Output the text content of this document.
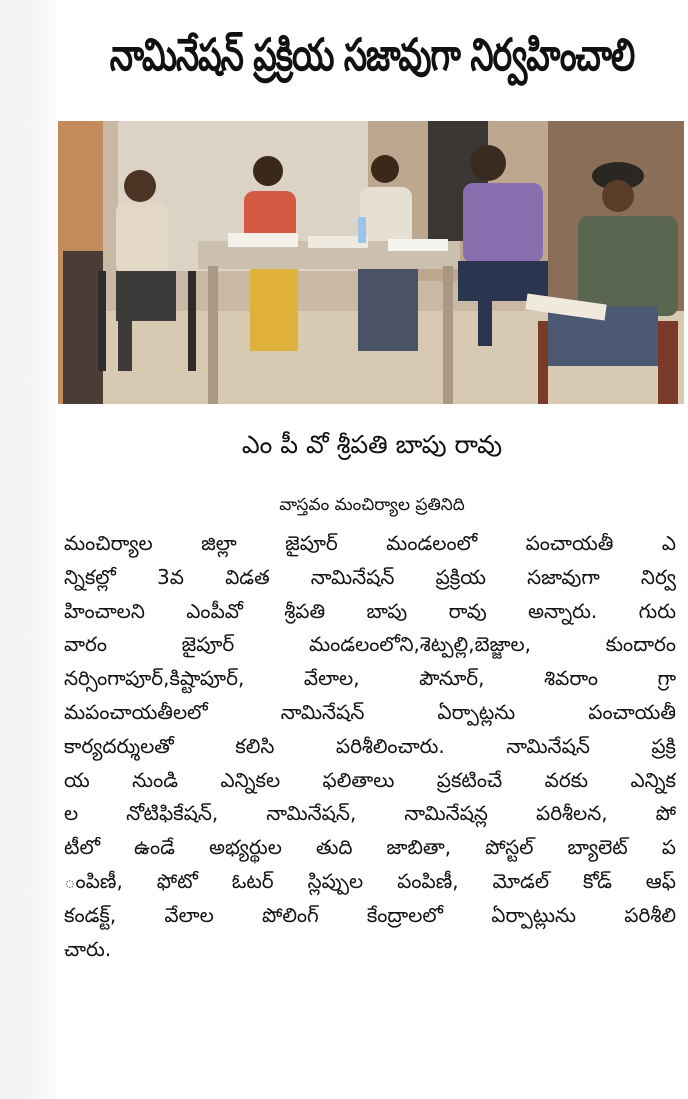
నామినేషన్ ప్రక్రియ సజావుగా నిర్వహించాలి
ఎం పీ వో శ్రీపతి బాపు రావు
వాస్తవం మంచిర్యాల ప్రతినిది
మంచిర్యాల జిల్లా జైపూర్ మండలంలో పంచాయతీ ఎ
న్నికల్లో 3వ విడత నామినేషన్ ప్రక్రియ సజావుగా నిర్వ
హించాలని ఎంపీవో శ్రీపతి బాపు రావు అన్నారు. గురు
వారం జైపూర్ మండలంలోని,శెట్పల్లి,బెజ్జాల, కుందారం
నర్సింగాపూర్,కిష్టాపూర్, వేలాల, పౌనూర్, శివరాం గ్రా
మపంచాయతీలలో నామినేషన్ ఏర్పాట్లను పంచాయతీ
కార్యదర్శులతో కలిసి పరిశీలించారు. నామినేషన్ ప్రక్రి
య నుండి ఎన్నికల ఫలితాలు ప్రకటించే వరకు ఎన్నిక
ల నోటిఫికేషన్, నామినేషన్, నామినేషన్ల పరిశీలన, పో
టీలో ఉండే అభ్యర్థుల తుది జాబితా, పోస్టల్ బ్యాలెట్ ప
ంపిణీ, ఫోటో ఓటర్ స్లిప్పుల పంపిణీ, మోడల్ కోడ్ ఆఫ్
కండక్ట్, వేలాల పోలింగ్ కేంద్రాలలో ఏర్పాట్లును పరిశీలి
చారు.
